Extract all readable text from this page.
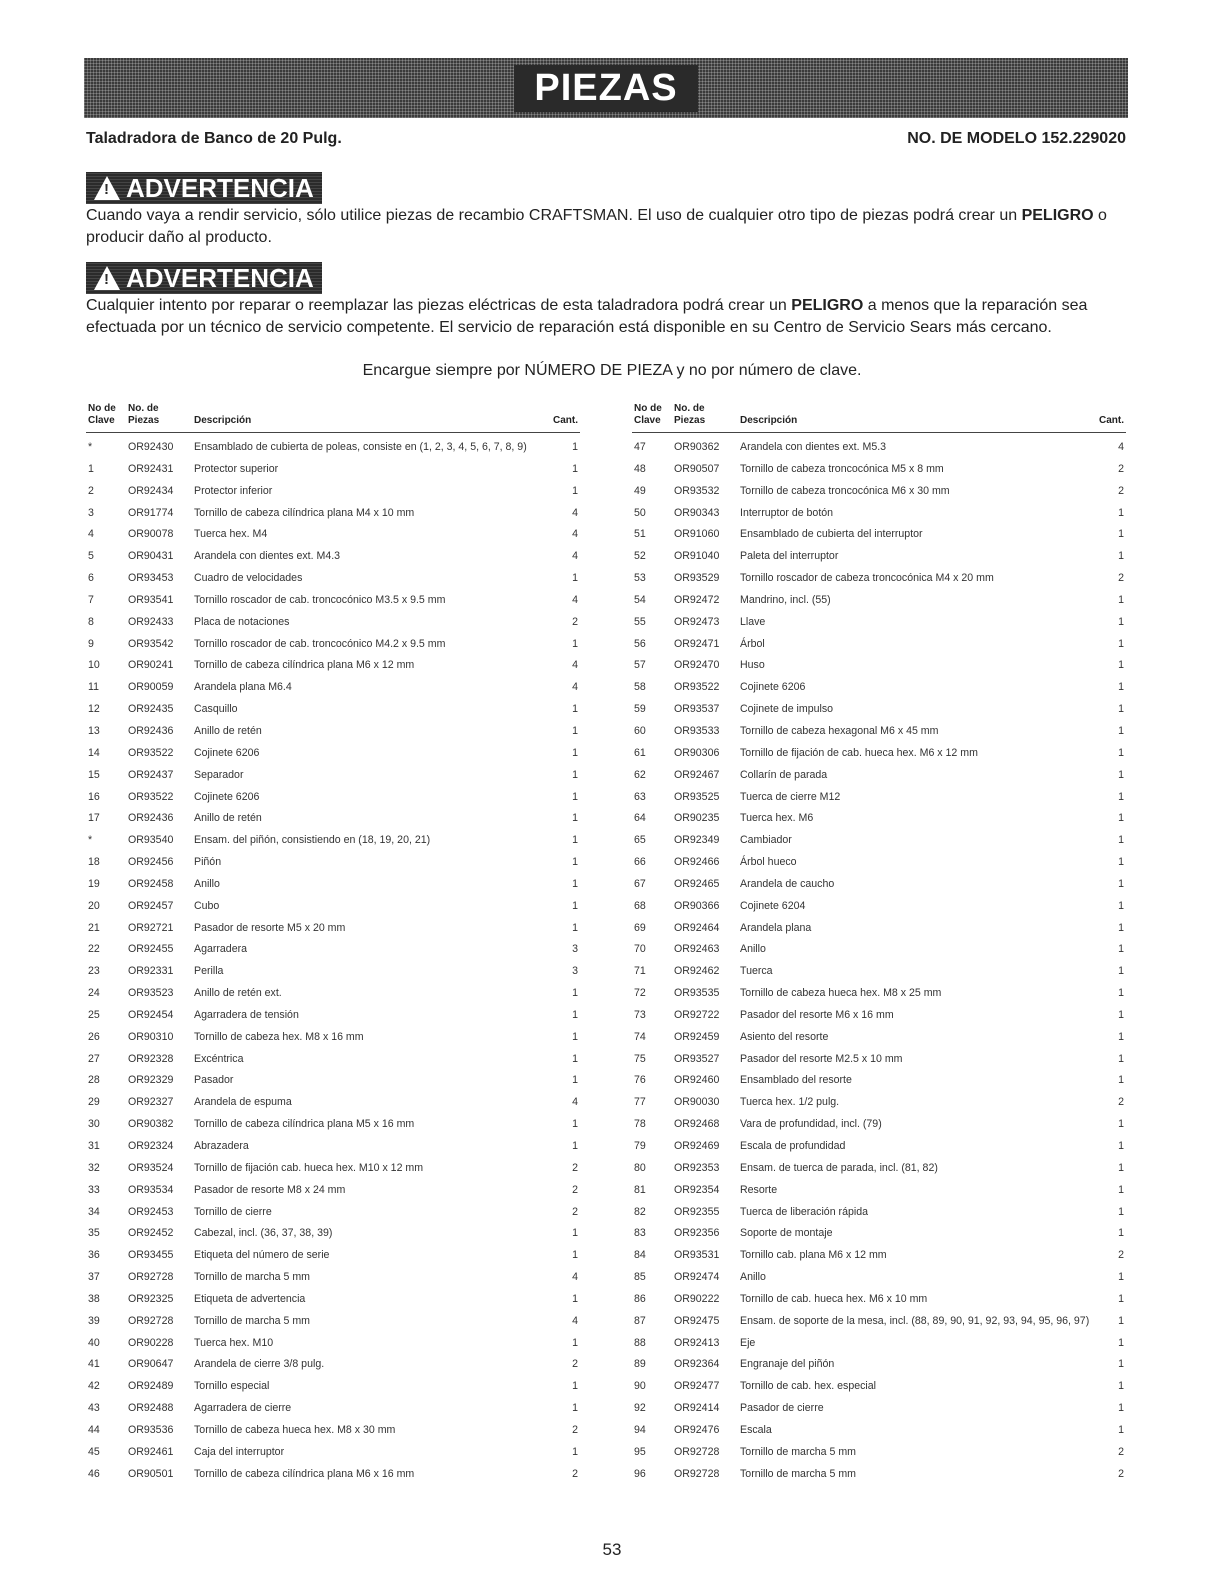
PIEZAS
Taladradora de Banco de 20 Pulg.	NO. DE MODELO 152.229020
!
ADVERTENCIA
Cuando vaya a rendir servicio, sólo utilice piezas de recambio CRAFTSMAN. El uso de cualquier otro tipo de piezas podrá crear un PELIGRO o producir daño al producto.
!
ADVERTENCIA
Cualquier intento por reparar o reemplazar las piezas eléctricas de esta taladradora podrá crear un PELIGRO a menos que la reparación sea efectuada por un técnico de servicio competente. El servicio de reparación está disponible en su Centro de Servicio Sears más cercano.
Encargue siempre por NÚMERO DE PIEZA y no por número de clave.
No de
Clave
No. de
Piezas	Descripción	Cant.
*	OR92430 Ensamblado de cubierta de poleas, consiste en (1, 2, 3, 4, 5, 6, 7, 8, 9)	1
1	OR92431 Protector superior	1
2	OR92434 Protector inferior	1
3	OR91774 Tornillo de cabeza cilíndrica plana M4 x 10 mm	4
4	OR90078 Tuerca hex. M4	4
5	OR90431 Arandela con dientes ext. M4.3	4
6	OR93453 Cuadro de velocidades	1
7	OR93541 Tornillo roscador de cab. troncocónico M3.5 x 9.5 mm	4
8	OR92433 Placa de notaciones	2
9	OR93542 Tornillo roscador de cab. troncocónico M4.2 x 9.5 mm	1
10	OR90241 Tornillo de cabeza cilíndrica plana M6 x 12 mm	4
11	OR90059 Arandela plana M6.4	4
12	OR92435 Casquillo	1
13	OR92436 Anillo de retén	1
14	OR93522 Cojinete 6206	1
15	OR92437 Separador	1
16	OR93522 Cojinete 6206	1
17	OR92436 Anillo de retén	1
*	OR93540 Ensam. del piñón, consistiendo en (18, 19, 20, 21)	1
18	OR92456 Piñón	1
19	OR92458 Anillo	1
20	OR92457 Cubo	1
21	OR92721 Pasador de resorte M5 x 20 mm	1
22	OR92455 Agarradera	3
23	OR92331 Perilla	3
24	OR93523 Anillo de retén ext.	1
25	OR92454 Agarradera de tensión	1
26	OR90310 Tornillo de cabeza hex. M8 x 16 mm	1
27	OR92328 Excéntrica	1
28	OR92329 Pasador	1
29	OR92327 Arandela de espuma	4
30	OR90382 Tornillo de cabeza cilíndrica plana M5 x 16 mm	1
31	OR92324 Abrazadera	1
32	OR93524 Tornillo de fijación cab. hueca hex. M10 x 12 mm	2
33	OR93534 Pasador de resorte M8 x 24 mm	2
34	OR92453 Tornillo de cierre	2
35	OR92452 Cabezal, incl. (36, 37, 38, 39)	1
36	OR93455 Etiqueta del número de serie	1
37	OR92728 Tornillo de marcha 5 mm	4
38	OR92325 Etiqueta de advertencia	1
39	OR92728 Tornillo de marcha 5 mm	4
40	OR90228 Tuerca hex. M10	1
41	OR90647 Arandela de cierre 3/8 pulg.	2
42	OR92489 Tornillo especial	1
43	OR92488 Agarradera de cierre	1
44	OR93536 Tornillo de cabeza hueca hex. M8 x 30 mm	2
45	OR92461 Caja del interruptor	1
46	OR90501 Tornillo de cabeza cilíndrica plana M6 x 16 mm	2
No de
Clave
No. de
Piezas	Descripción	Cant.
47	OR90362 Arandela con dientes ext. M5.3	4
48	OR90507 Tornillo de cabeza troncocónica M5 x 8 mm	2
49	OR93532 Tornillo de cabeza troncocónica M6 x 30 mm	2
50	OR90343 Interruptor de botón	1
51	OR91060 Ensamblado de cubierta del interruptor	1
52	OR91040 Paleta del interruptor	1
53	OR93529 Tornillo roscador de cabeza troncocónica M4 x 20 mm	2
54	OR92472 Mandrino, incl. (55)	1
55	OR92473 Llave	1
56	OR92471 Árbol	1
57	OR92470 Huso	1
58	OR93522 Cojinete 6206	1
59	OR93537 Cojinete de impulso	1
60	OR93533 Tornillo de cabeza hexagonal M6 x 45 mm	1
61	OR90306 Tornillo de fijación de cab. hueca hex. M6 x 12 mm	1
62	OR92467 Collarín de parada	1
63	OR93525 Tuerca de cierre M12	1
64	OR90235 Tuerca hex. M6	1
65	OR92349 Cambiador	1
66	OR92466 Árbol hueco	1
67	OR92465 Arandela de caucho	1
68	OR90366 Cojinete 6204	1
69	OR92464 Arandela plana	1
70	OR92463 Anillo	1
71	OR92462 Tuerca	1
72	OR93535 Tornillo de cabeza hueca hex. M8 x 25 mm	1
73	OR92722 Pasador del resorte M6 x 16 mm	1
74	OR92459 Asiento del resorte	1
75	OR93527 Pasador del resorte M2.5 x 10 mm	1
76	OR92460 Ensamblado del resorte	1
77	OR90030 Tuerca hex. 1/2 pulg.	2
78	OR92468 Vara de profundidad, incl. (79)	1
79	OR92469 Escala de profundidad	1
80	OR92353 Ensam. de tuerca de parada, incl. (81, 82)	1
81	OR92354 Resorte	1
82	OR92355 Tuerca de liberación rápida	1
83	OR92356 Soporte de montaje	1
84	OR93531 Tornillo cab. plana M6 x 12 mm	2
85	OR92474 Anillo	1
86	OR90222 Tornillo de cab. hueca hex. M6 x 10 mm	1
87	OR92475 Ensam. de soporte de la mesa, incl. (88, 89, 90, 91, 92, 93, 94, 95, 96, 97)	1
88	OR92413 Eje	1
89	OR92364 Engranaje del piñón	1
90	OR92477 Tornillo de cab. hex. especial	1
92	OR92414 Pasador de cierre	1
94	OR92476 Escala	1
95	OR92728 Tornillo de marcha 5 mm	2
96	OR92728 Tornillo de marcha 5 mm	2
53
